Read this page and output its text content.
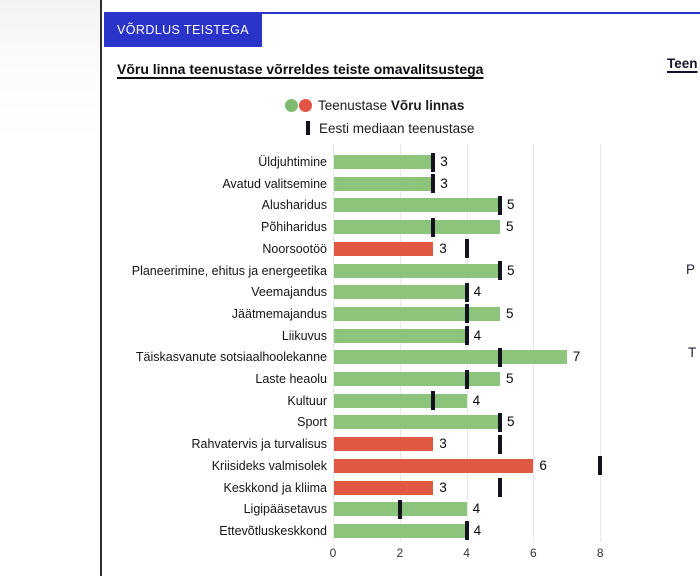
VÕRDLUS TEISTEGA
Võru linna teenustase võrreldes teiste omavalitsustega
Teenustase Võru linnas
Eesti mediaan teenustase
0	2	4	6	8
Üldjuhtimine	3
Avatud valitsemine	3
Alusharidus	5
Põhiharidus	5
Noorsootöö	3
Planeerimine, ehitus ja energeetika	5
Veemajandus	4
Jäätmemajandus	5
Liikuvus	4
Täiskasvanute sotsiaalhoolekanne	7
Laste heaolu	5
Kultuur	4
Sport	5
Rahvatervis ja turvalisus	3
Kriisideks valmisolek	6
Keskkond ja kliima	3
Ligipääsetavus	4
Ettevõtluskeskkond	4
Teen
P
T
